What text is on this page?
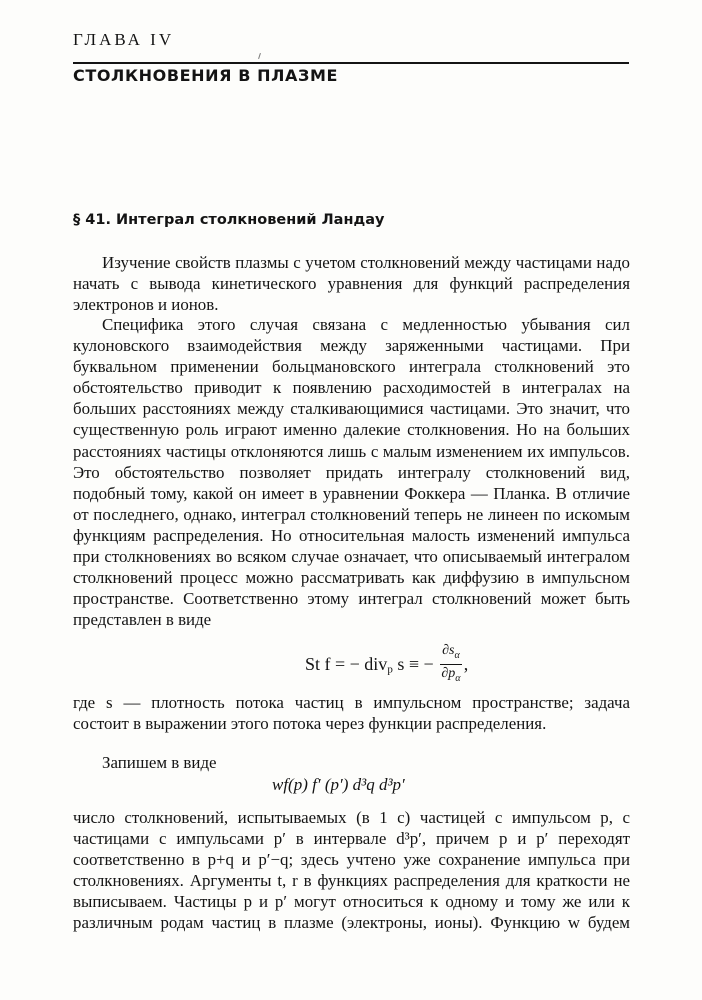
ГЛАВА IV

СТОЛКНОВЕНИЯ В ПЛАЗМЕ
§ 41. Интеграл столкновений Ландау

Изучение свойств плазмы с учетом столкновений между частицами надо начать с вывода кинетического уравнения для функций распределения электронов и ионов.

Специфика этого случая связана с медленностью убывания сил кулоновского взаимодействия между заряженными частицами. При буквальном применении больцмановского интеграла столкновений это обстоятельство приводит к появлению расходимостей в интегралах на больших расстояниях между сталкивающимися частицами. Это значит, что существенную роль играют именно далекие столкновения. Но на больших расстояниях частицы отклоняются лишь с малым изменением их импульсов. Это обстоятельство позволяет придать интегралу столкновений вид, подобный тому, какой он имеет в уравнении Фоккера — Планка. В отличие от последнего, однако, интеграл столкновений теперь не линеен по искомым функциям распределения. Но относительная малость изменений импульса при столкновениях во всяком случае означает, что описываемый интегралом столкновений процесс можно рассматривать как диффузию в импульсном пространстве. Соответственно этому интеграл столкновений может быть представлен в виде

St f = − div$_p$ s ≡ − $\frac{\partial s_\alpha}{\partial p_\alpha}$ ,

где s — плотность потока частиц в импульсном пространстве; задача состоит в выражении этого потока через функции распределения.

Запишем в виде

wf(p) f′ (p′) d³q d³p′

число столкновений, испытываемых (в 1 с) частицей с импульсом p, с частицами с импульсами p′ в интервале d³p′, причем p и p′ переходят соответственно в p+q и p′−q; здесь учтено уже сохранение импульса при столкновениях. Аргументы t, r в функциях распределения для краткости не выписываем. Частицы p и p′ могут относиться к одному и тому же или к различным родам частиц в плазме (электроны, ионы). Функцию w будем
